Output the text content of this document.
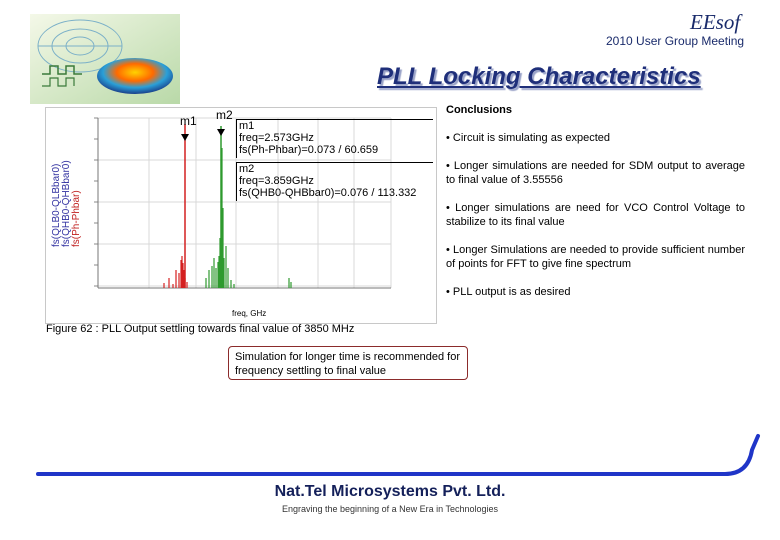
EEsof
2010 User Group Meeting
PLL Locking Characteristics
fs(QLB0-QLBbar0) fs(QHB0-QHBbar0) fs(Ph-Phbar)
m1 m2
m1
freq=2.573GHz
fs(Ph-Phbar)=0.073 / 60.659
m2
freq=3.859GHz
fs(QHB0-QHBbar0)=0.076 / 113.332
freq, GHz
Figure 62 : PLL Output settling towards final value of 3850 MHz
Conclusions
• Circuit is simulating as expected
• Longer simulations are needed for SDM output to average to final value of 3.55556
• Longer simulations are need for VCO Control Voltage to stabilize to its final value
• Longer Simulations are needed to provide sufficient number of points for FFT to give fine spectrum
• PLL output is as desired
Simulation for longer time is recommended for frequency settling to final value
Nat.Tel Microsystems Pvt. Ltd.
Engraving the beginning of a New Era in Technologies
